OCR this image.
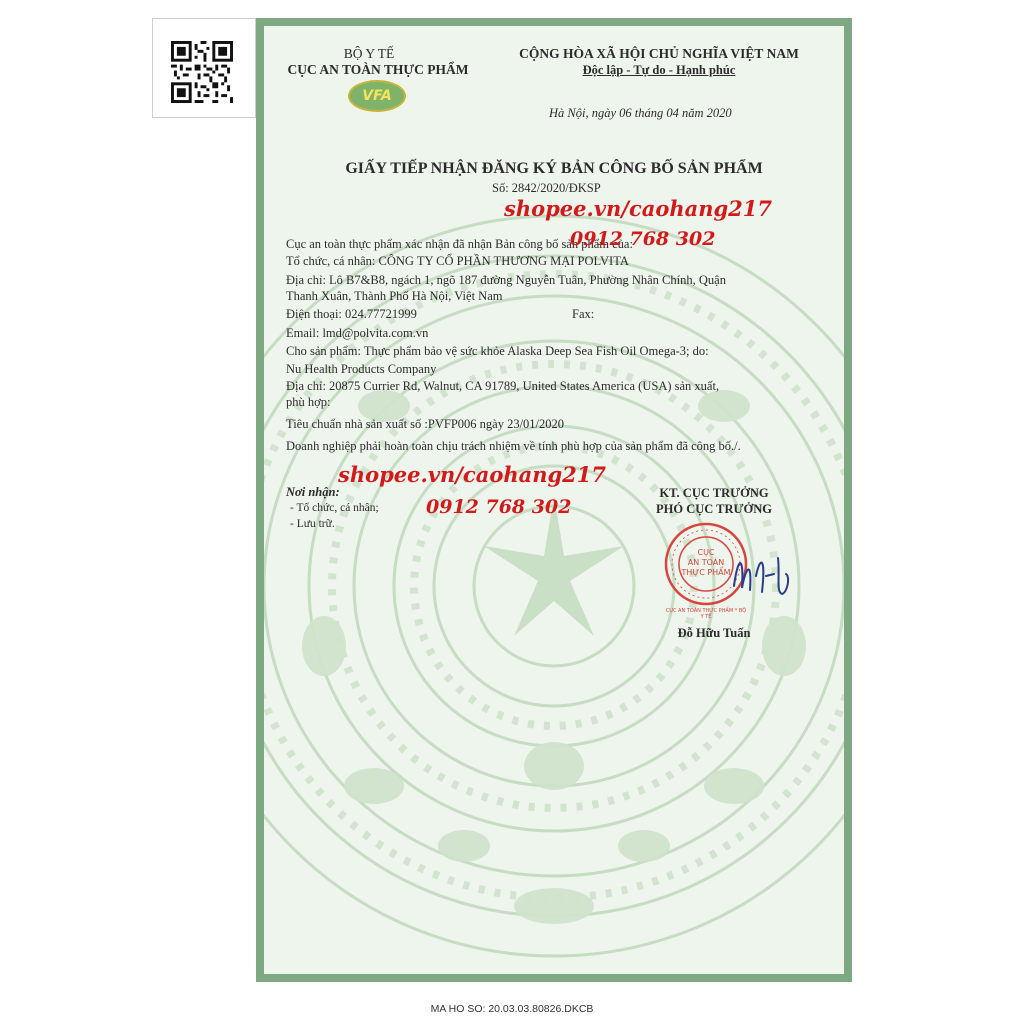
BỘ Y TẾ
CỤC AN TOÀN THỰC PHẨM
VFA
CỘNG HÒA XÃ HỘI CHỦ NGHĨA VIỆT NAM
Độc lập - Tự do - Hạnh phúc
Hà Nội, ngày 06 tháng 04 năm 2020
GIẤY TIẾP NHẬN ĐĂNG KÝ BẢN CÔNG BỐ SẢN PHẨM
Số: 2842/2020/ĐKSP
Cục an toàn thực phẩm xác nhận đã nhận Bản công bố sản phẩm của:
Tổ chức, cá nhân: CÔNG TY CỔ PHẦN THƯƠNG MẠI POLVITA
Địa chỉ: Lô B7&B8, ngách 1, ngõ 187 đường Nguyễn Tuân, Phường Nhân Chính, Quận
Thanh Xuân, Thành Phố Hà Nội, Việt Nam
Điện thoại: 024.77721999	Fax:
Email: lmd@polvita.com.vn
Cho sản phẩm: Thực phẩm bảo vệ sức khỏe Alaska Deep Sea Fish Oil Omega-3; do:
Nu Health Products Company
Địa chỉ: 20875 Currier Rd, Walnut, CA 91789, United States America (USA) sản xuất,
phù hợp:
Tiêu chuẩn nhà sản xuất số :PVFP006 ngày 23/01/2020
Doanh nghiệp phải hoàn toàn chịu trách nhiệm về tính phù hợp của sản phẩm đã công bố./.
Nơi nhận:
- Tổ chức, cá nhân;
- Lưu trữ.
KT. CỤC TRƯỞNG
PHÓ CỤC TRƯỞNG
CỤC
AN TOÀN
THỰC PHẨM
CỤC AN TOÀN THỰC PHẨM * BỘ Y TẾ
Đỗ Hữu Tuấn
shopee.vn/caohang217
0912 768 302
shopee.vn/caohang217
0912 768 302
MA HO SO: 20.03.03.80826.DKCB
